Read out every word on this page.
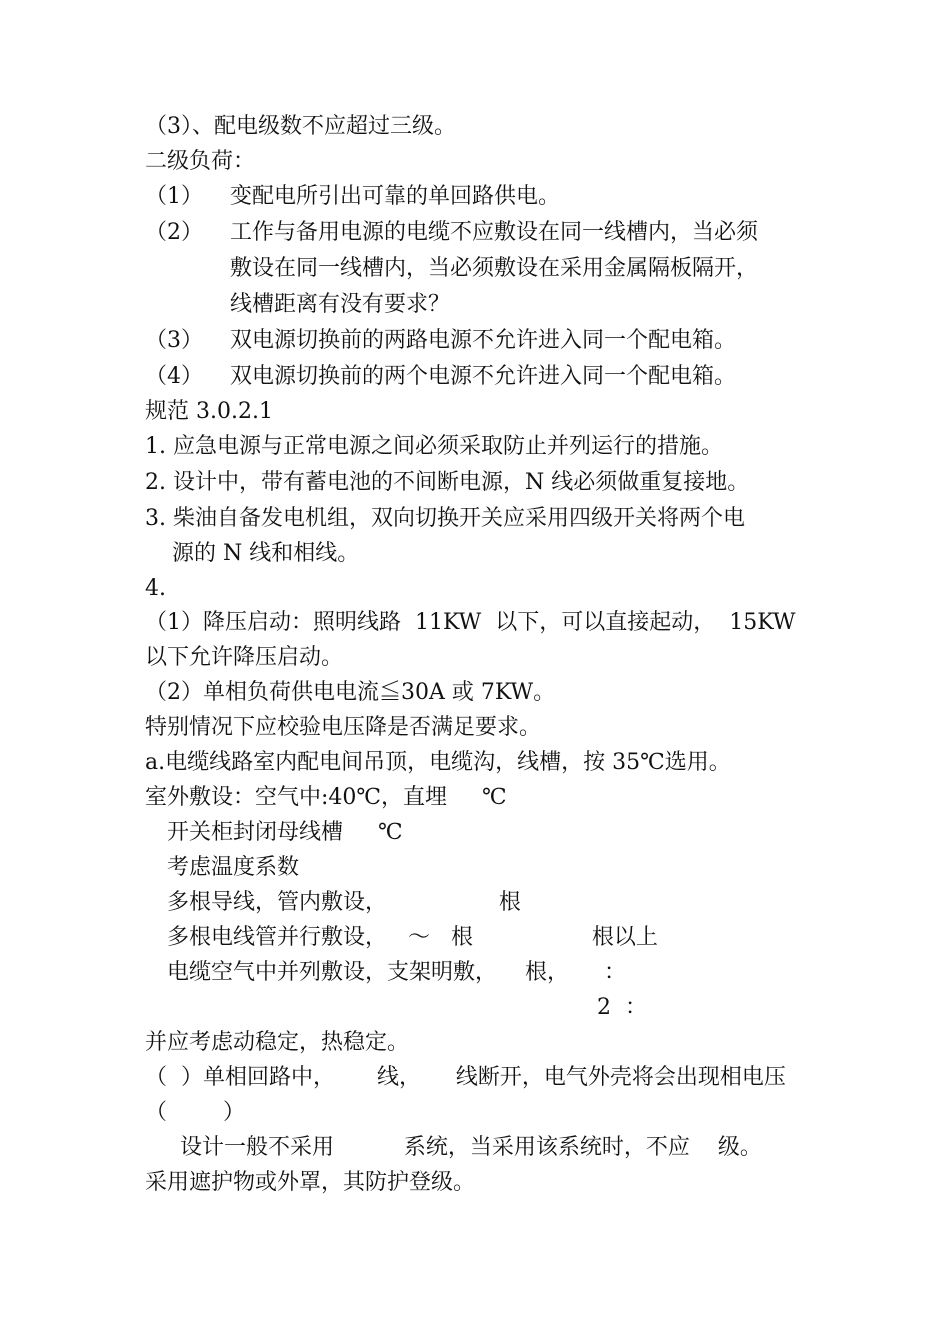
（3）、配电级数不应超过三级。
二级负荷：
（1） 变配电所引出可靠的单回路供电。
（2） 工作与备用电源的电缆不应敷设在同一线槽内，当必须
敷设在同一线槽内，当必须敷设在采用金属隔板隔开，
线槽距离有没有要求？
（3） 双电源切换前的两路电源不允许进入同一个配电箱。
（4） 双电源切换前的两个电源不允许进入同一个配电箱。
规范 3.0.2.1
1. 应急电源与正常电源之间必须采取防止并列运行的措施。
2. 设计中，带有蓄电池的不间断电源，N 线必须做重复接地。
3. 柴油自备发电机组，双向切换开关应采用四级开关将两个电
源的 N 线和相线。
4.
（1）降压启动：照明线路  11KW  以下，可以直接起动，  15KW
以下允许降压启动。
（2）单相负荷供电电流≦30A 或 7KW。
特别情况下应校验电压降是否满足要求。
a.电缆线路室内配电间吊顶，电缆沟，线槽，按 35℃选用。
室外敷设：空气中:40℃，直埋     ℃
开关柜封闭母线槽     ℃
考虑温度系数
多根导线，管内敷设，                根
多根电线管并行敷设，   ～   根                 根以上
电缆空气中并列敷设，支架明敷，    根，     ：
2  ：
并应考虑动稳定，热稳定。
（  ）单相回路中，      线，     线断开，电气外壳将会出现相电压
（        ）
设计一般不采用          系统，当采用该系统时，不应    级。
采用遮护物或外罩，其防护登级。
